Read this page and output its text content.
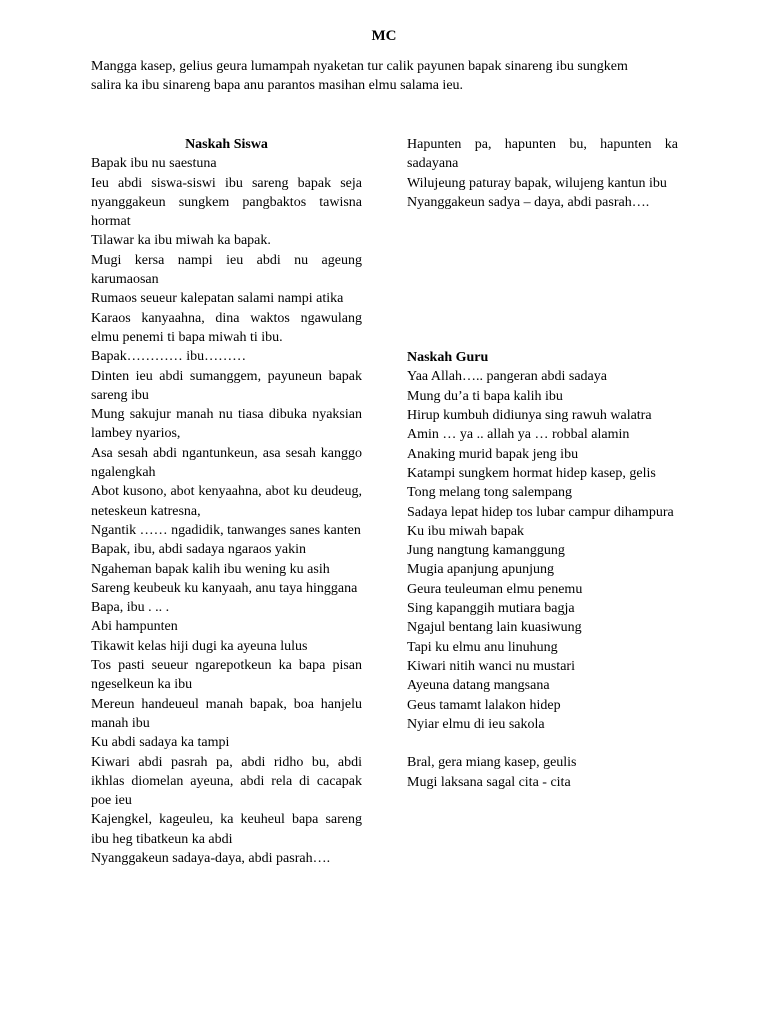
MC

Mangga kasep, gelius geura lumampah nyaketan tur calik payunen bapak sinareng ibu sungkem

salira ka ibu sinareng bapa anu parantos masihan elmu salama ieu.

Naskah Siswa

Bapak ibu nu saestuna

Ieu abdi siswa-siswi ibu sareng bapak seja nyanggakeun sungkem pangbaktos tawisna hormat

Tilawar ka ibu miwah ka bapak.

Mugi kersa nampi ieu abdi nu ageung karumaosan

Rumaos seueur kalepatan salami nampi atika

Karaos kanyaahna, dina waktos ngawulang elmu penemi ti bapa miwah ti ibu.

Bapak………… ibu………

Dinten ieu abdi sumanggem, payuneun bapak sareng ibu

Mung sakujur manah nu tiasa dibuka nyaksian lambey nyarios,

Asa sesah abdi ngantunkeun, asa sesah kanggo ngalengkah

Abot kusono, abot kenyaahna, abot ku deudeug, neteskeun katresna,

Ngantik …… ngadidik, tanwanges sanes kanten

Bapak, ibu, abdi sadaya ngaraos yakin

Ngaheman bapak kalih ibu wening ku asih

Sareng keubeuk ku kanyaah, anu taya hinggana

Bapa, ibu . .. .

Abi hampunten

Tikawit kelas hiji dugi ka ayeuna lulus

Tos pasti seueur ngarepotkeun ka bapa pisan ngeselkeun ka ibu

Mereun handeueul manah bapak, boa hanjelu manah ibu

Ku abdi sadaya ka tampi

Kiwari abdi pasrah pa, abdi ridho bu, abdi ikhlas diomelan ayeuna, abdi rela di cacapak poe ieu

Kajengkel, kageuleu, ka keuheul bapa sareng ibu heg tibatkeun ka abdi

Nyanggakeun sadaya-daya, abdi pasrah….

Hapunten pa, hapunten bu, hapunten ka sadayana

Wilujeung paturay bapak, wilujeng kantun ibu

Nyanggakeun sadya – daya, abdi pasrah….

Naskah Guru

Yaa Allah….. pangeran abdi sadaya

Mung du’a ti bapa kalih ibu

Hirup kumbuh didiunya sing rawuh walatra

Amin … ya .. allah ya … robbal alamin

Anaking murid bapak jeng ibu

Katampi sungkem hormat hidep kasep, gelis

Tong melang tong salempang

Sadaya lepat hidep tos lubar campur dihampura

Ku ibu miwah bapak

Jung nangtung kamanggung

Mugia apanjung apunjung

Geura teuleuman elmu penemu

Sing kapanggih mutiara bagja

Ngajul bentang lain kuasiwung

Tapi ku elmu anu linuhung

Kiwari nitih wanci nu mustari

Ayeuna datang mangsana

Geus tamamt lalakon hidep

Nyiar elmu di ieu sakola

Bral, gera miang kasep, geulis

Mugi laksana sagal cita - cita
